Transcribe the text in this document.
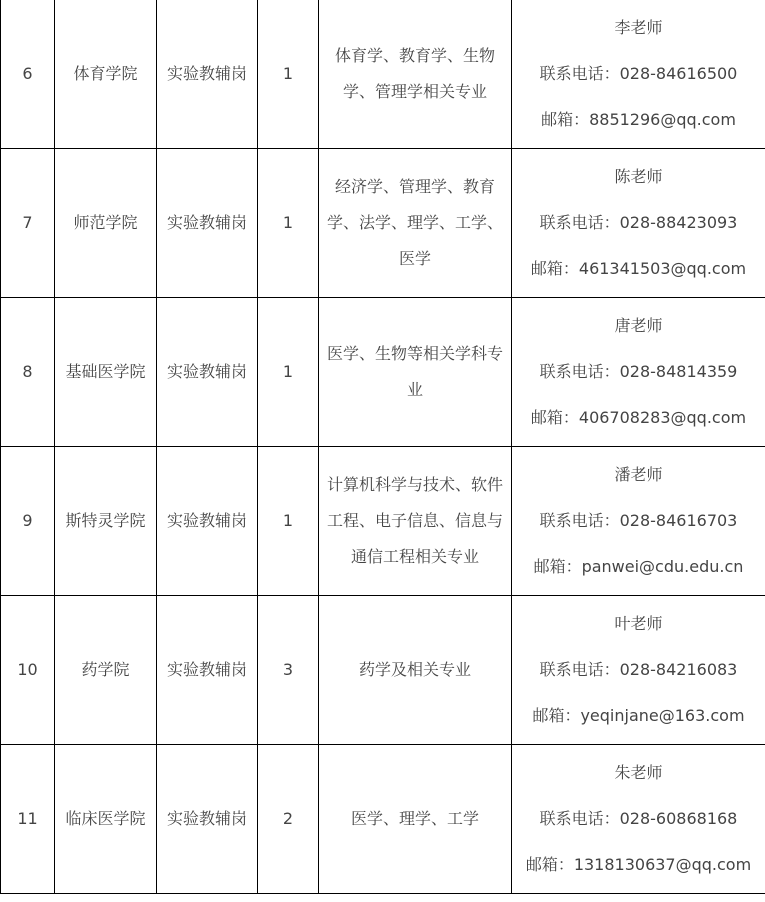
6	体育学院	实验教辅岗	1	体育学、教育学、生物学、管理学相关专业	李老师
联系电话：028-84616500
邮箱：8851296@qq.com

7	师范学院	实验教辅岗	1	经济学、管理学、教育学、法学、理学、工学、医学	陈老师
联系电话：028-88423093
邮箱：461341503@qq.com

8	基础医学院	实验教辅岗	1	医学、生物等相关学科专业	唐老师
联系电话：028-84814359
邮箱：406708283@qq.com

9	斯特灵学院	实验教辅岗	1	计算机科学与技术、软件工程、电子信息、信息与通信工程相关专业	潘老师
联系电话：028-84616703
邮箱：panwei@cdu.edu.cn

10	药学院	实验教辅岗	3	药学及相关专业	叶老师
联系电话：028-84216083
邮箱：yeqinjane@163.com

11	临床医学院	实验教辅岗	2	医学、理学、工学	朱老师
联系电话：028-60868168
邮箱：1318130637@qq.com
